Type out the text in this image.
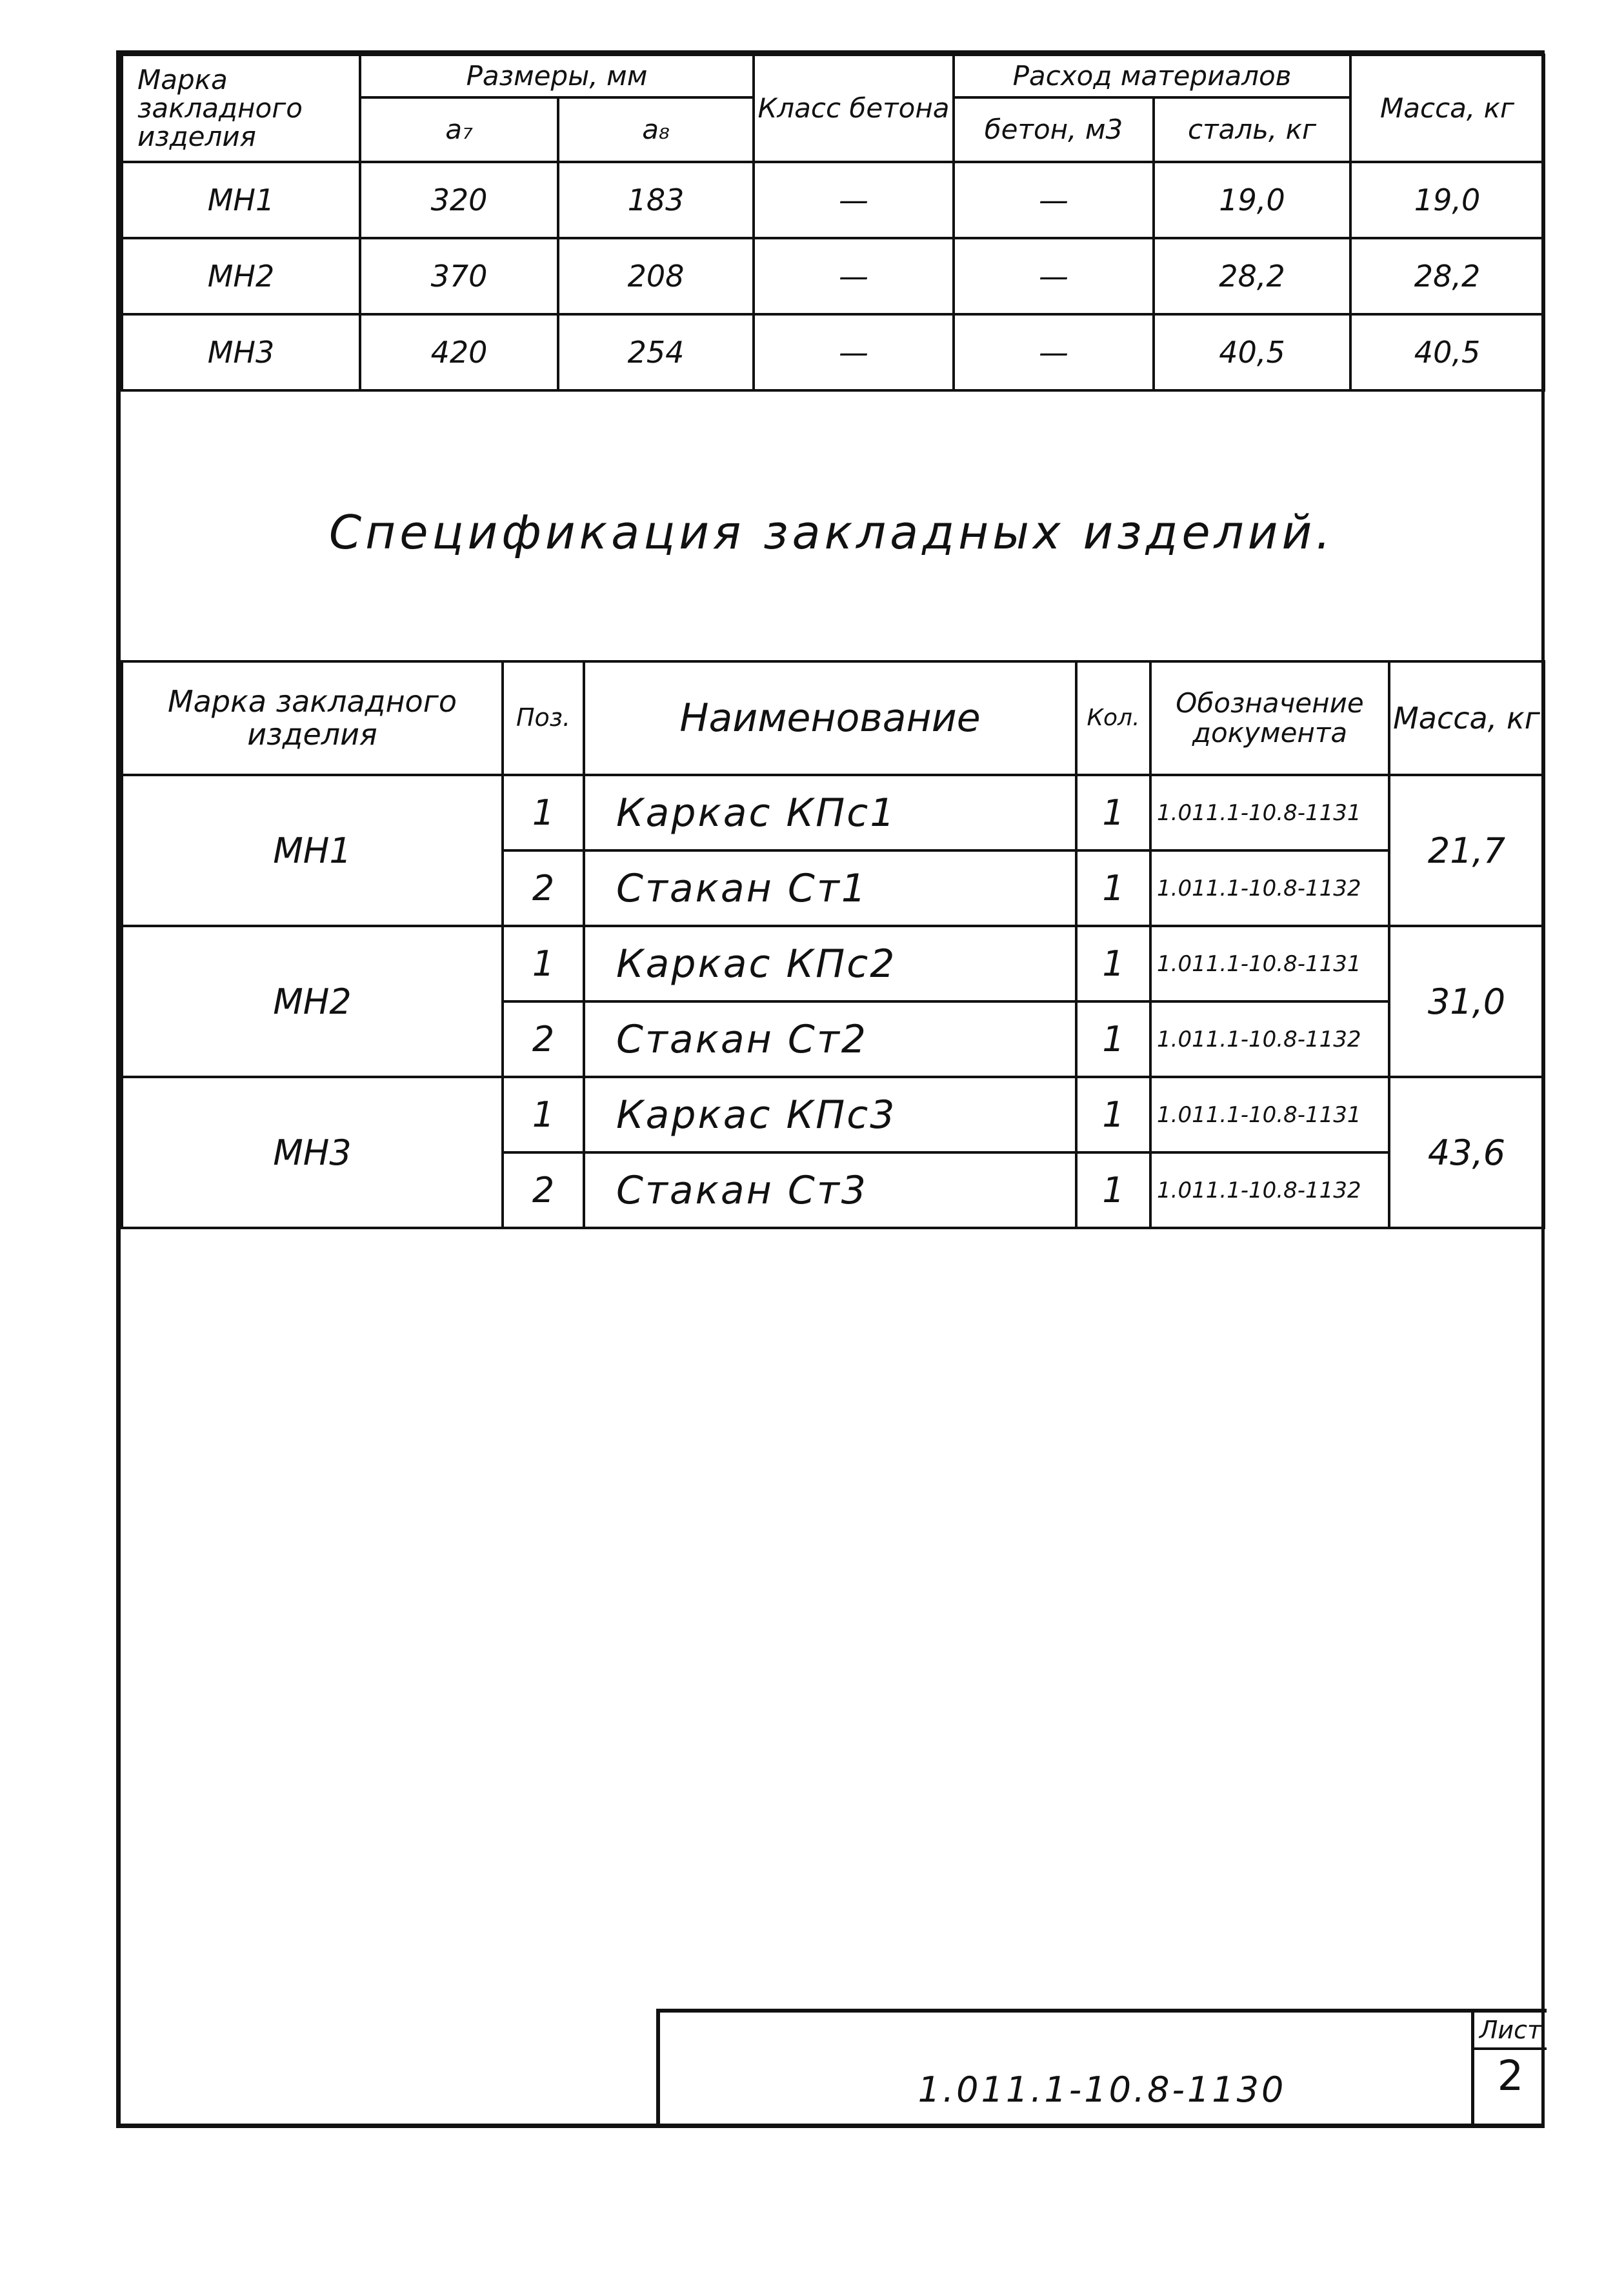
Марка закладного изделия	Размеры, мм		Класс бетона	Расход материалов		Масса, кг
	a₇	a₈		бетон, м3	сталь, кг	
МН1	320	183	—	—	19,0	19,0
МН2	370	208	—	—	28,2	28,2
МН3	420	254	—	—	40,5	40,5
Спецификация закладных изделий.
Марка закладного изделия	Поз.	Наименование	Кол.	Обозначение документа	Масса, кг
МН1	1	Каркас КПс1	1	1.011.1-10.8-1131	21,7
	2	Стакан Ст1	1	1.011.1-10.8-1132	
МН2	1	Каркас КПс2	1	1.011.1-10.8-1131	31,0
	2	Стакан Ст2	1	1.011.1-10.8-1132	
МН3	1	Каркас КПс3	1	1.011.1-10.8-1131	43,6
	2	Стакан Ст3	1	1.011.1-10.8-1132	
1.011.1-10.8-1130
Лист
2
